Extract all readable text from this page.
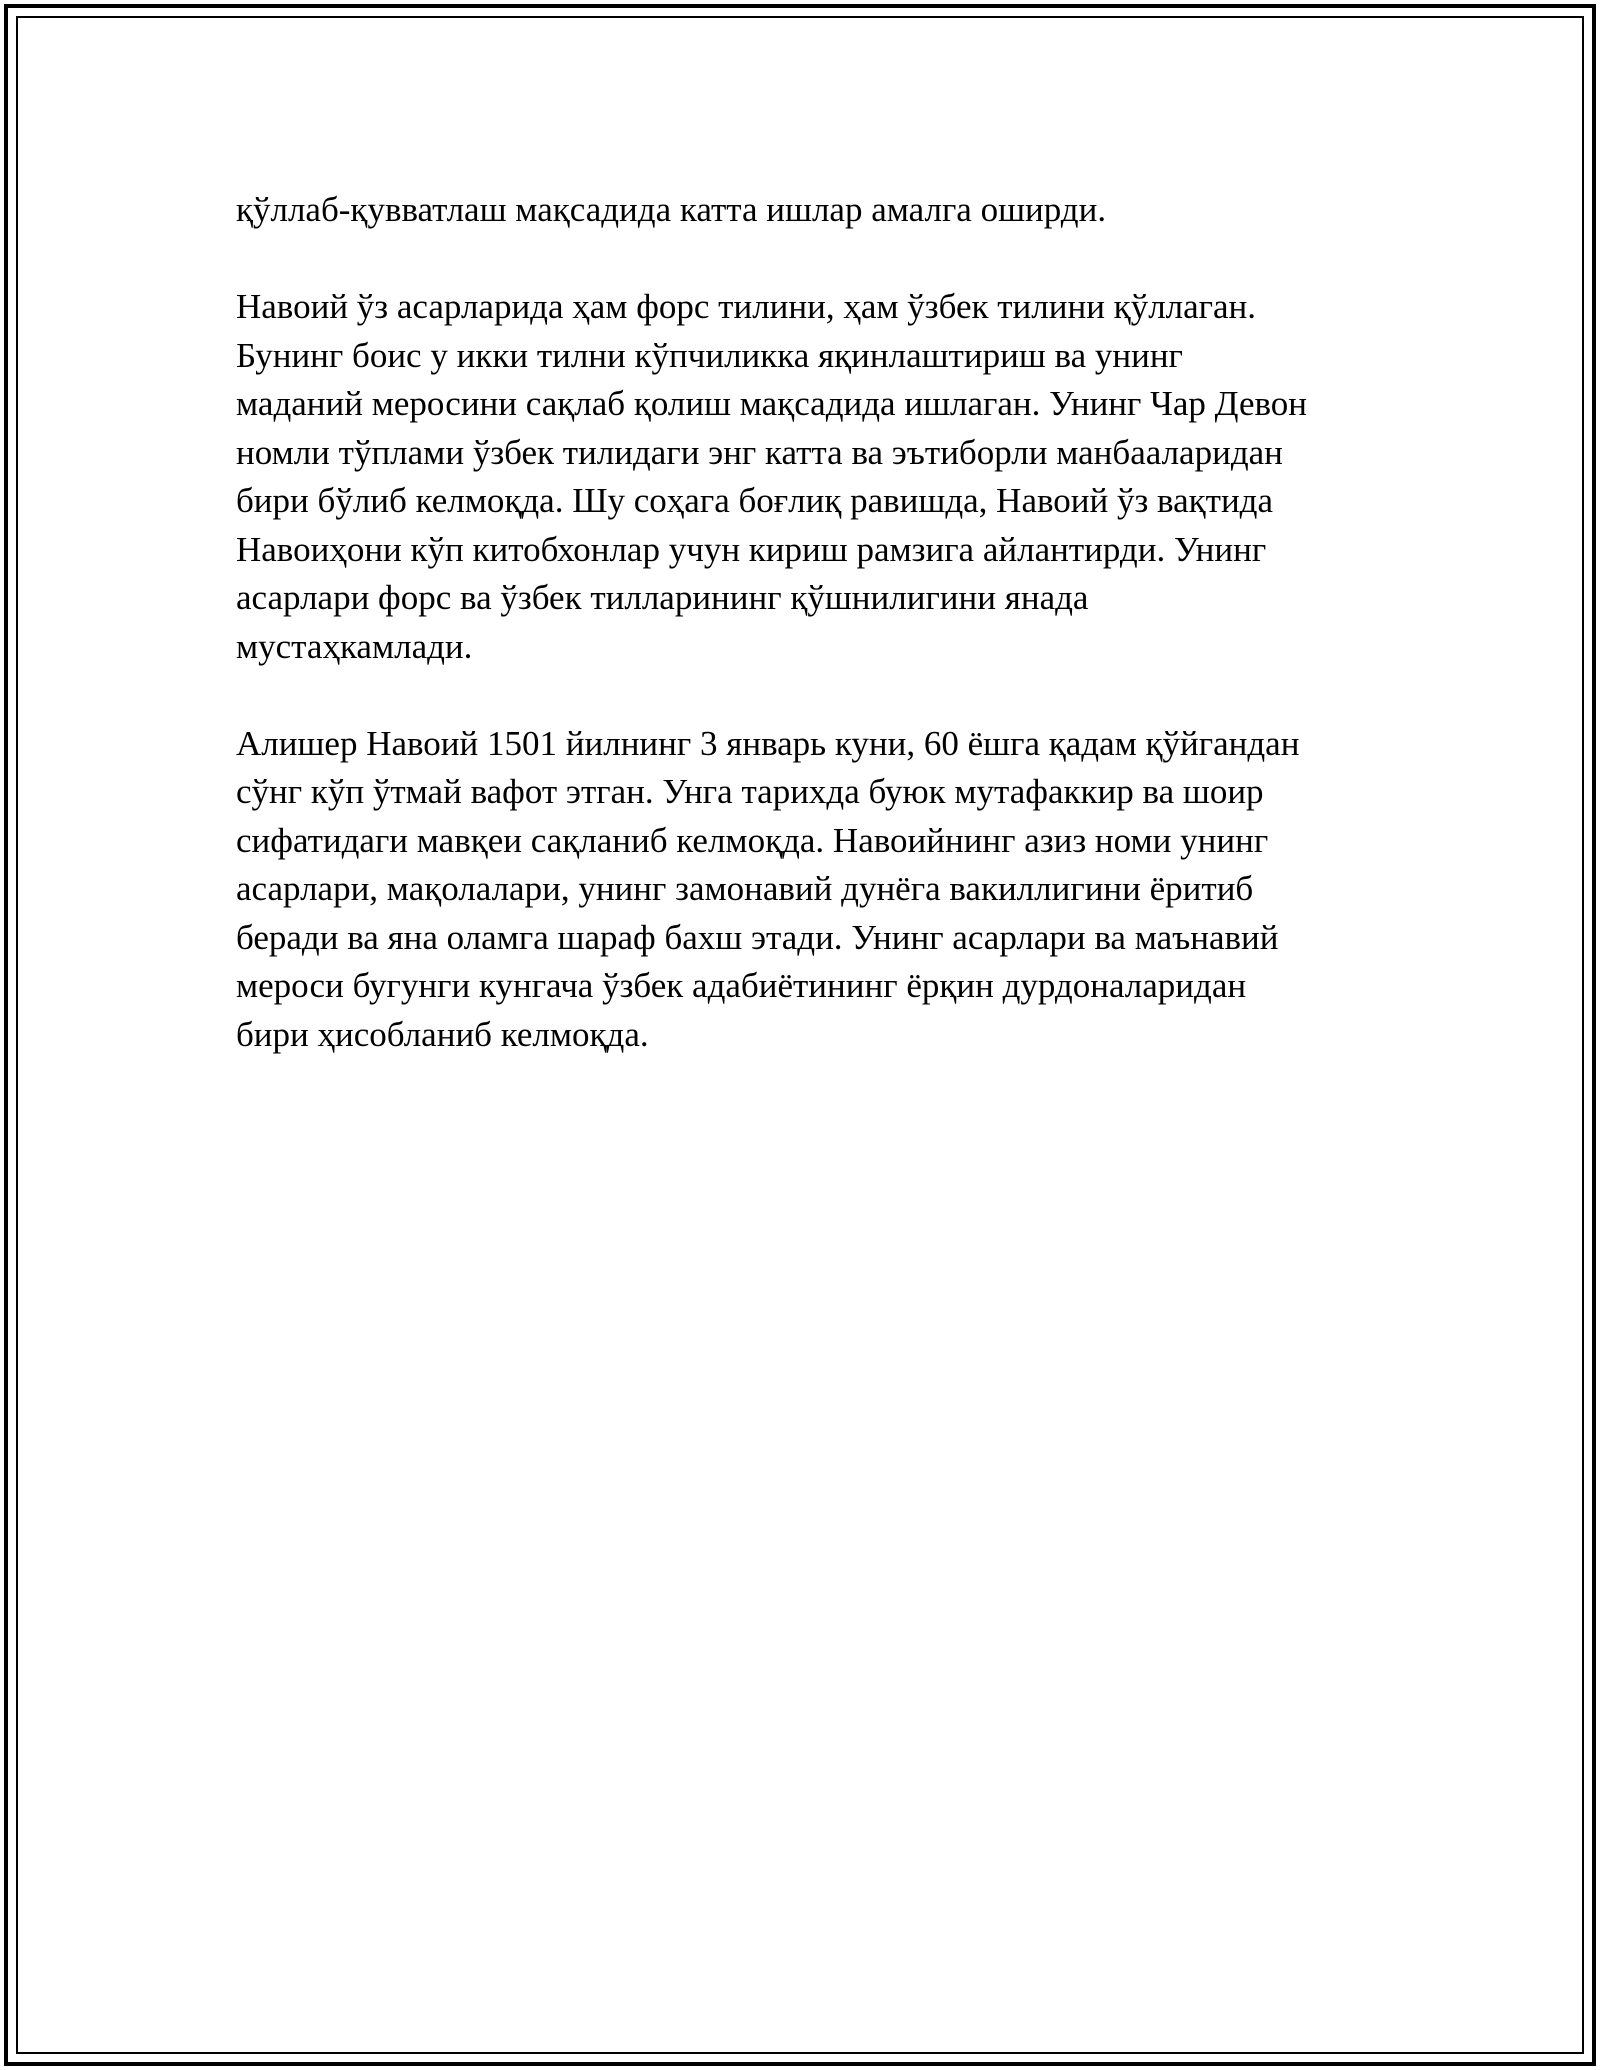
қўллаб-қувватлаш мақсадида катта ишлар амалга оширди.

Навоий ўз асарларида ҳам форс тилини, ҳам ўзбек тилини қўллаган.
Бунинг боис у икки тилни кўпчиликка яқинлаштириш ва унинг
маданий меросини сақлаб қолиш мақсадида ишлаган. Унинг Чар Девон
номли тўплами ўзбек тилидаги энг катта ва эътиборли манбааларидан
бири бўлиб келмоқда. Шу соҳага боғлиқ равишда, Навоий ўз вақтида
Навоиҳони кўп китобхонлар учун кириш рамзига айлантирди. Унинг
асарлари форс ва ўзбек тилларининг қўшнилигини янада
мустаҳкамлади.

Алишер Навоий 1501 йилнинг 3 январь куни, 60 ёшга қадам қўйгандан
сўнг кўп ўтмай вафот этган. Унга тарихда буюк мутафаккир ва шоир
сифатидаги мавқеи сақланиб келмоқда. Навоийнинг азиз номи унинг
асарлари, мақолалари, унинг замонавий дунёга вакиллигини ёритиб
беради ва яна оламга шараф бахш этади. Унинг асарлари ва маънавий
мероси бугунги кунгача ўзбек адабиётининг ёрқин дурдоналаридан
бири ҳисобланиб келмоқда.
